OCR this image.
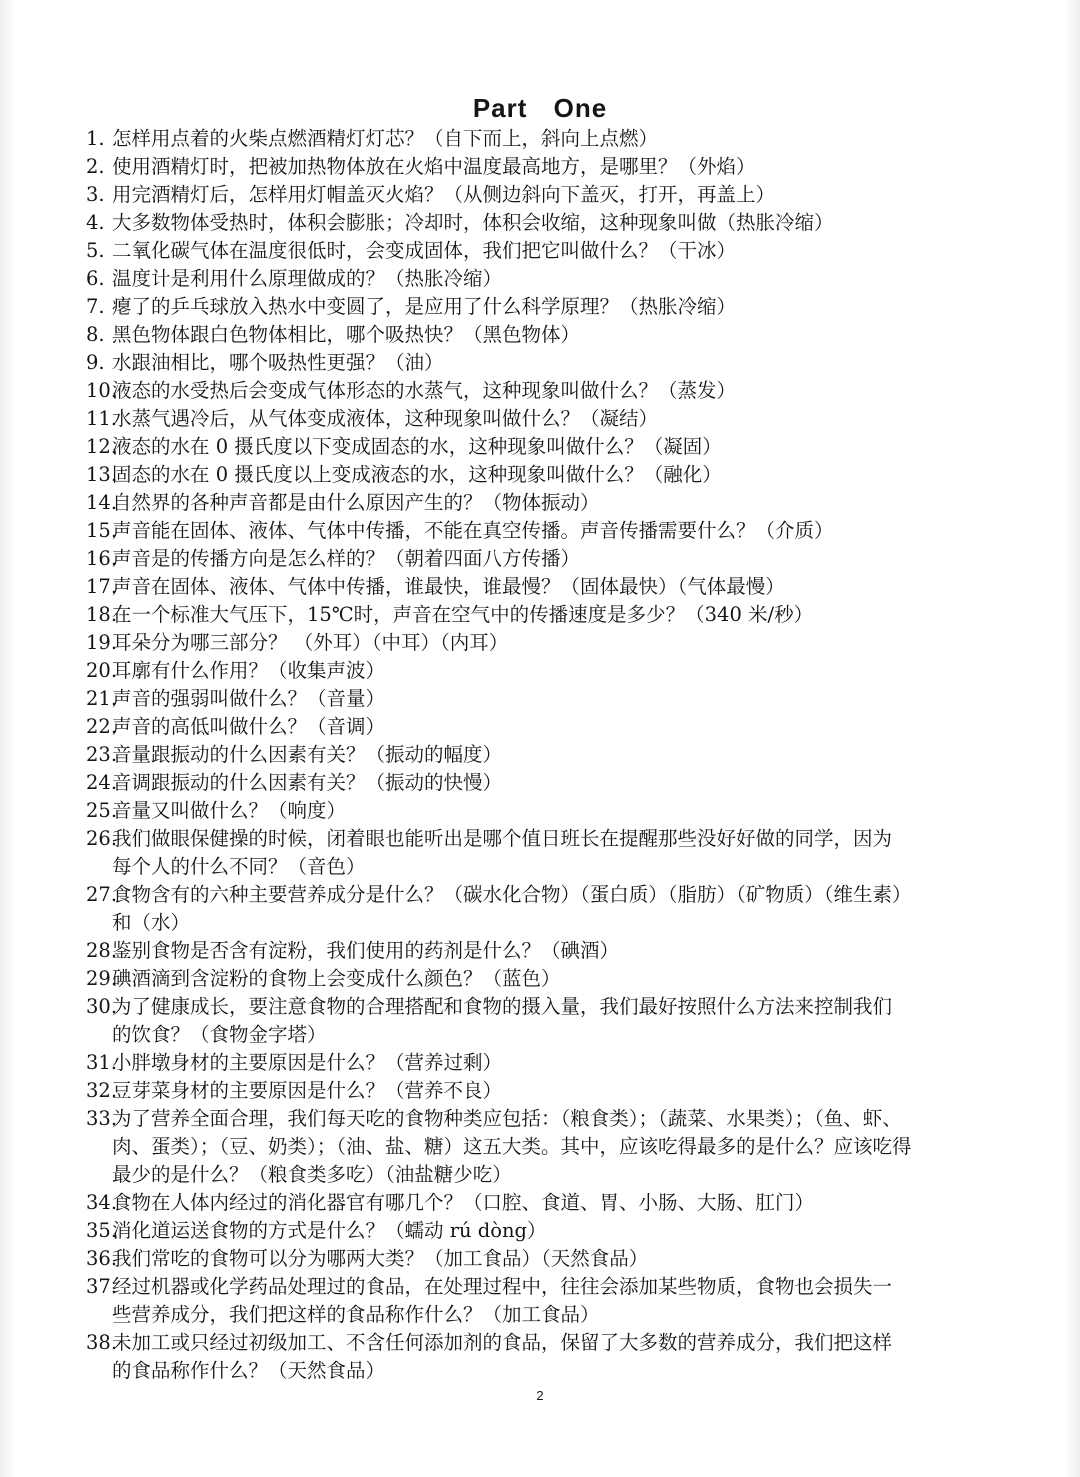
Part One
1. 怎样用点着的火柴点燃酒精灯灯芯？（自下而上，斜向上点燃）
2. 使用酒精灯时，把被加热物体放在火焰中温度最高地方，是哪里？（外焰）
3. 用完酒精灯后，怎样用灯帽盖灭火焰？（从侧边斜向下盖灭，打开，再盖上）
4. 大多数物体受热时，体积会膨胀；冷却时，体积会收缩，这种现象叫做（热胀冷缩）
5. 二氧化碳气体在温度很低时，会变成固体，我们把它叫做什么？（干冰）
6. 温度计是利用什么原理做成的？（热胀冷缩）
7. 瘪了的乒乓球放入热水中变圆了，是应用了什么科学原理？（热胀冷缩）
8. 黑色物体跟白色物体相比，哪个吸热快？（黑色物体）
9. 水跟油相比，哪个吸热性更强？（油）
10.
液态的水受热后会变成气体形态的水蒸气，这种现象叫做什么？（蒸发）
11.
水蒸气遇冷后，从气体变成液体，这种现象叫做什么？（凝结）
12.
液态的水在 0 摄氏度以下变成固态的水，这种现象叫做什么？（凝固）
13.
固态的水在 0 摄氏度以上变成液态的水，这种现象叫做什么？（融化）
14.
自然界的各种声音都是由什么原因产生的？（物体振动）
15.
声音能在固体、液体、气体中传播，不能在真空传播。声音传播需要什么？（介质）
16.
声音是的传播方向是怎么样的？（朝着四面八方传播）
17.
声音在固体、液体、气体中传播，谁最快，谁最慢？（固体最快）（气体最慢）
18.
在一个标准大气压下，15℃时，声音在空气中的传播速度是多少？（340 米/秒）
19.
耳朵分为哪三部分？ （外耳）（中耳）（内耳）
20.
耳廓有什么作用？（收集声波）
21.
声音的强弱叫做什么？（音量）
22.
声音的高低叫做什么？（音调）
23.
音量跟振动的什么因素有关？（振动的幅度）
24.
音调跟振动的什么因素有关？（振动的快慢）
25.
音量又叫做什么？（响度）
26.
我们做眼保健操的时候，闭着眼也能听出是哪个值日班长在提醒那些没好好做的同学，因为
每个人的什么不同？（音色）
27.
食物含有的六种主要营养成分是什么？（碳水化合物）（蛋白质）（脂肪）（矿物质）（维生素）
和（水）
28.
鉴别食物是否含有淀粉，我们使用的药剂是什么？（碘酒）
29.
碘酒滴到含淀粉的食物上会变成什么颜色？（蓝色）
30.
为了健康成长，要注意食物的合理搭配和食物的摄入量，我们最好按照什么方法来控制我们
的饮食？（食物金字塔）
31.
小胖墩身材的主要原因是什么？（营养过剩）
32.
豆芽菜身材的主要原因是什么？（营养不良）
33.
为了营养全面合理，我们每天吃的食物种类应包括：（粮食类）；（蔬菜、水果类）；（鱼、虾、
肉、蛋类）；（豆、奶类）；（油、盐、糖）这五大类。其中，应该吃得最多的是什么？应该吃得
最少的是什么？（粮食类多吃）（油盐糖少吃）
34.
食物在人体内经过的消化器官有哪几个？（口腔、食道、胃、小肠、大肠、肛门）
35.
消化道运送食物的方式是什么？（蠕动 rú dòng）
36.
我们常吃的食物可以分为哪两大类？（加工食品）（天然食品）
37.
经过机器或化学药品处理过的食品，在处理过程中，往往会添加某些物质，食物也会损失一
些营养成分，我们把这样的食品称作什么？（加工食品）
38.
未加工或只经过初级加工、不含任何添加剂的食品，保留了大多数的营养成分，我们把这样
的食品称作什么？（天然食品）
2
